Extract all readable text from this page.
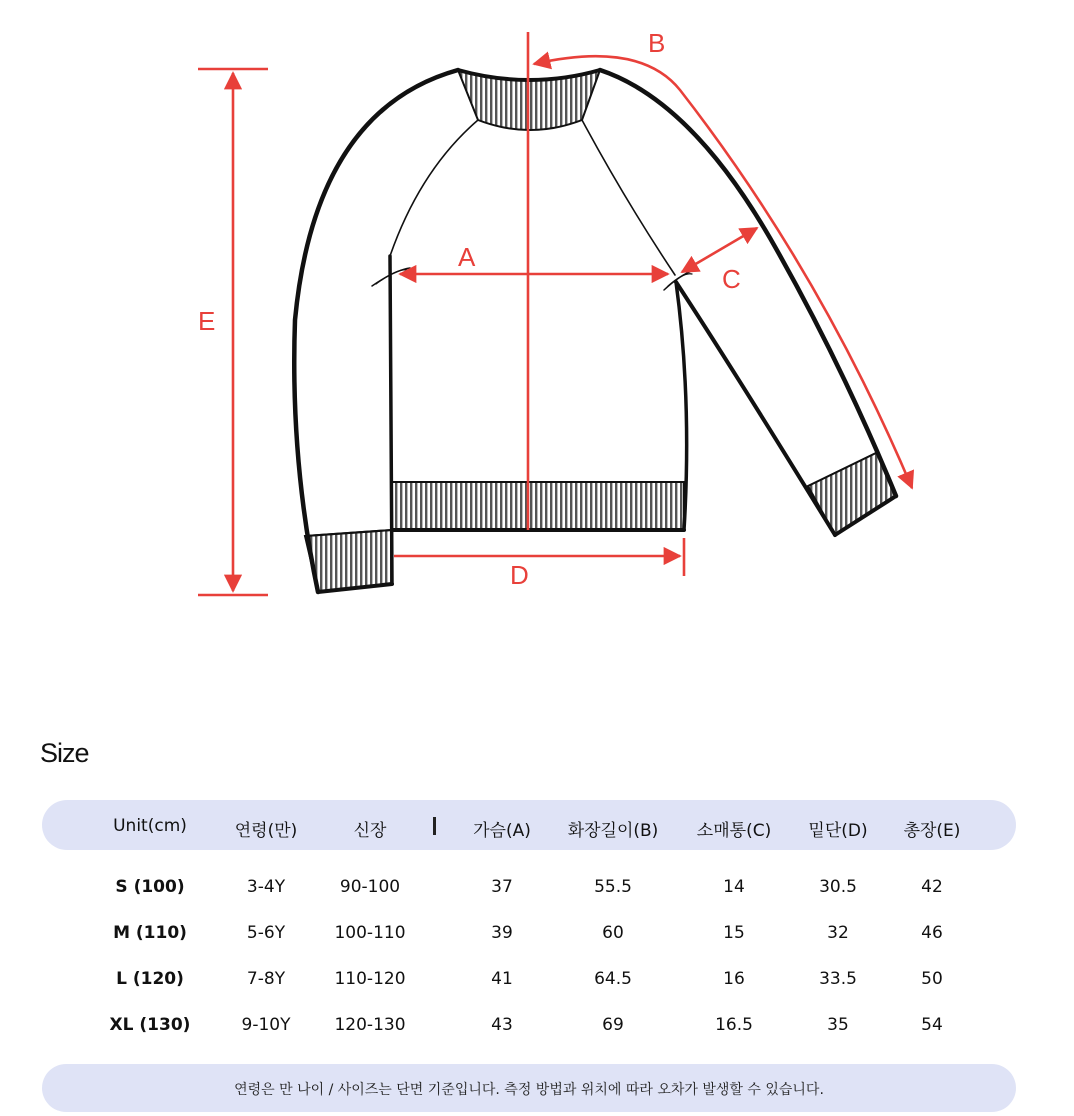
A
B
C
D
E
Size
Unit(cm)	연령(만)	신장	가슴(A)	화장길이(B)	소매통(C)	밑단(D)	총장(E)
S (100)	3-4Y	90-100	37	55.5	14	30.5	42
M (110)	5-6Y	100-110	39	60	15	32	46
L (120)	7-8Y	110-120	41	64.5	16	33.5	50
XL (130)	9-10Y	120-130	43	69	16.5	35	54
연령은 만 나이 / 사이즈는 단면 기준입니다. 측정 방법과 위치에 따라 오차가 발생할 수 있습니다.
